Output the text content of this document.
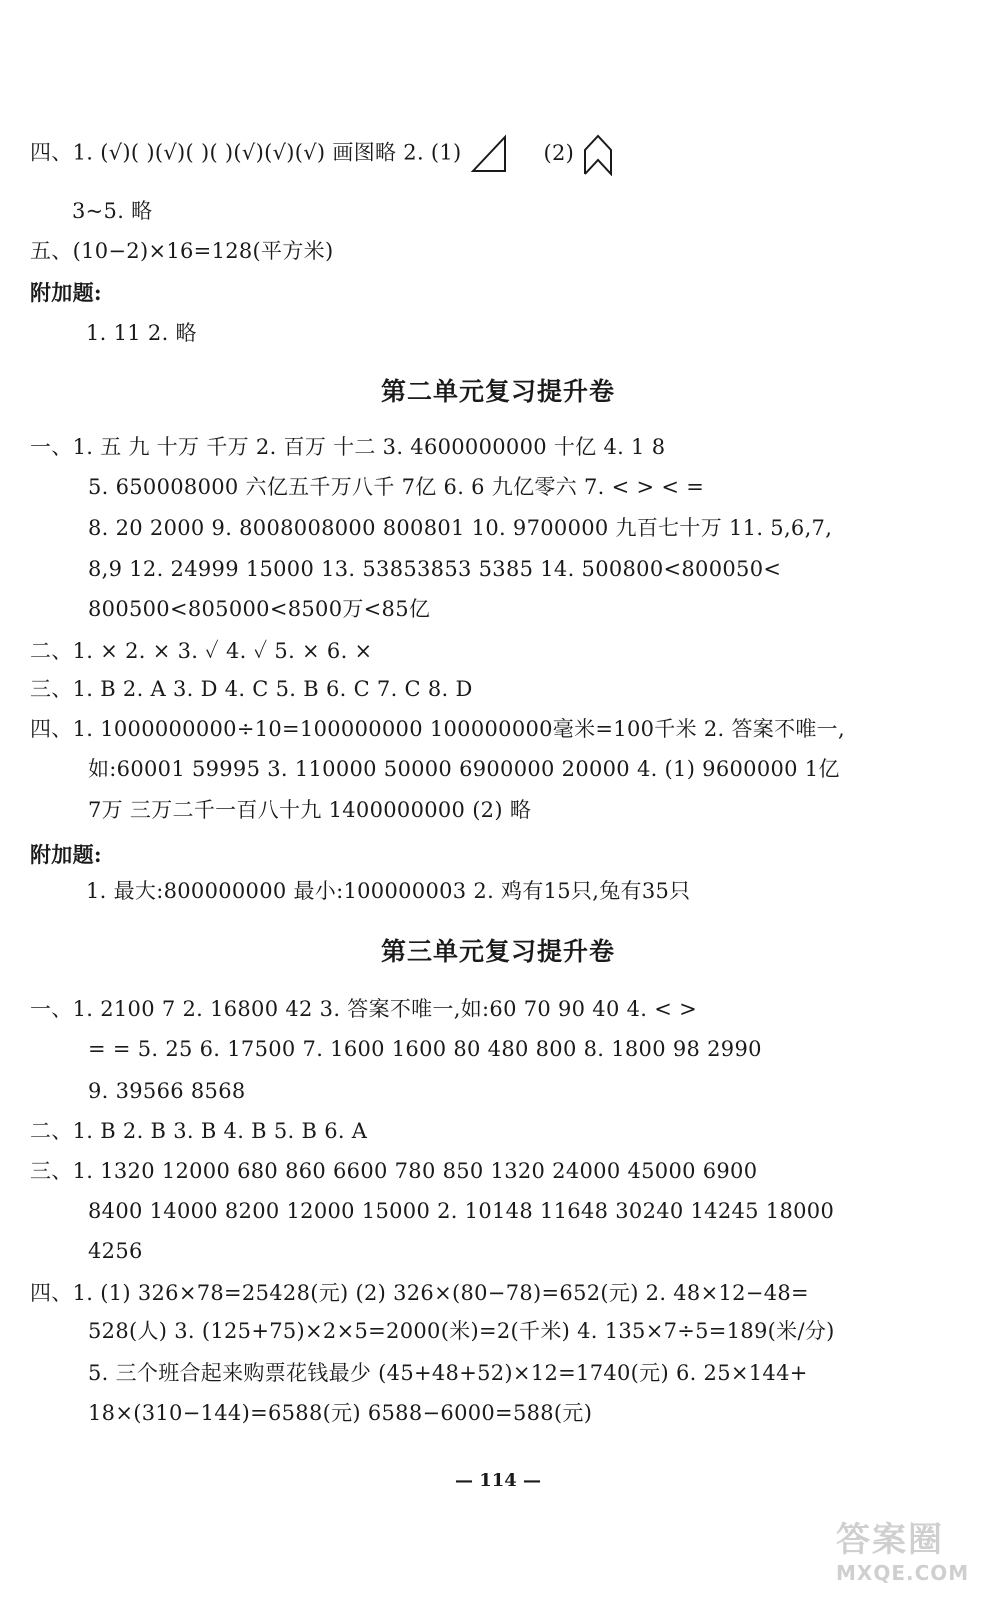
四、1. (√)( )(√)( )( )(√)(√)(√) 画图略 2. (1)	(2)
3~5. 略
五、(10−2)×16=128(平方米)
附加题:
1. 11 2. 略
第二单元复习提升卷
一、1. 五 九 十万 千万 2. 百万 十二 3. 4600000000 十亿 4. 1 8
5. 650008000 六亿五千万八千 7亿 6. 6 九亿零六 7. < > < =
8. 20 2000 9. 8008008000 800801 10. 9700000 九百七十万 11. 5,6,7,
8,9 12. 24999 15000 13. 53853853 5385 14. 500800<800050<
800500<805000<8500万<85亿
二、1. × 2. × 3. ✓ 4. ✓ 5. × 6. ×
三、1. B 2. A 3. D 4. C 5. B 6. C 7. C 8. D
四、1. 1000000000÷10=100000000 100000000毫米=100千米 2. 答案不唯一,
如:60001 59995 3. 110000 50000 6900000 20000 4. (1) 9600000 1亿
7万 三万二千一百八十九 1400000000 (2) 略
附加题:
1. 最大:800000000 最小:100000003 2. 鸡有15只,兔有35只
第三单元复习提升卷
一、1. 2100 7 2. 16800 42 3. 答案不唯一,如:60 70 90 40 4. < >
= = 5. 25 6. 17500 7. 1600 1600 80 480 800 8. 1800 98 2990
9. 39566 8568
二、1. B 2. B 3. B 4. B 5. B 6. A
三、1. 1320 12000 680 860 6600 780 850 1320 24000 45000 6900
8400 14000 8200 12000 15000 2. 10148 11648 30240 14245 18000
4256
四、1. (1) 326×78=25428(元) (2) 326×(80−78)=652(元) 2. 48×12−48=
528(人) 3. (125+75)×2×5=2000(米)=2(千米) 4. 135×7÷5=189(米/分)
5. 三个班合起来购票花钱最少 (45+48+52)×12=1740(元) 6. 25×144+
18×(310−144)=6588(元) 6588−6000=588(元)
— 114 —
答案圈
MXQE.COM
